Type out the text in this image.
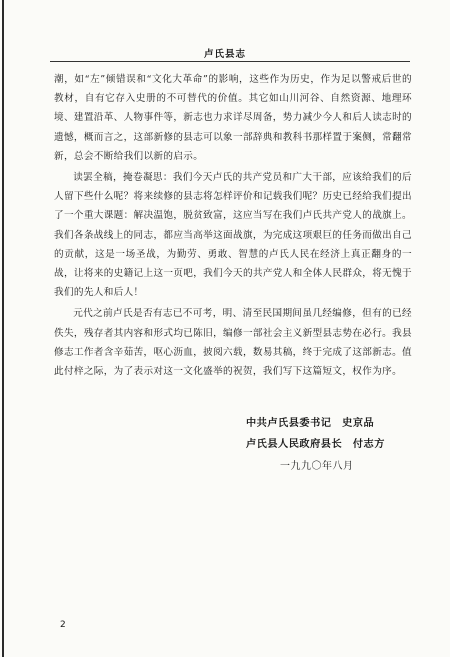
卢氏县志

潮，如“左”倾错误和“文化大革命”的影响，这些作为历史，作为足以警戒后世的教材，自有它存入史册的不可替代的价值。其它如山川河谷、自然资源、地理环境、建置沿革、人物事件等，新志也力求详尽周备，势力减少今人和后人读志时的遗憾，概而言之，这部新修的县志可以象一部辞典和教科书那样置于案侧，常翻常新，总会不断给我们以新的启示。

读罢全稿，掩卷凝思：我们今天卢氏的共产党员和广大干部，应该给我们的后人留下些什么呢？将来续修的县志将怎样评价和记载我们呢？历史已经给我们提出了一个重大课题：解决温饱，脱贫致富，这应当写在我们卢氏共产党人的战旗上。我们各条战线上的同志，都应当高举这面战旗，为完成这项艰巨的任务而做出自己的贡献，这是一场圣战，为勤劳、勇敢、智慧的卢氏人民在经济上真正翻身的一战，让将来的史籍记上这一页吧，我们今天的共产党人和全体人民群众，将无愧于我们的先人和后人！

元代之前卢氏是否有志已不可考，明、清至民国期间虽几经编修，但有的已经佚失，残存者其内容和形式均已陈旧，编修一部社会主义新型县志势在必行。我县修志工作者含辛茹苦，呕心沥血，披阅六载，数易其稿，终于完成了这部新志。值此付梓之际，为了表示对这一文化盛举的祝贺，我们写下这篇短文，权作为序。

中共卢氏县委书记　史京品
卢氏县人民政府县长　付志方
一九九〇年八月
2
